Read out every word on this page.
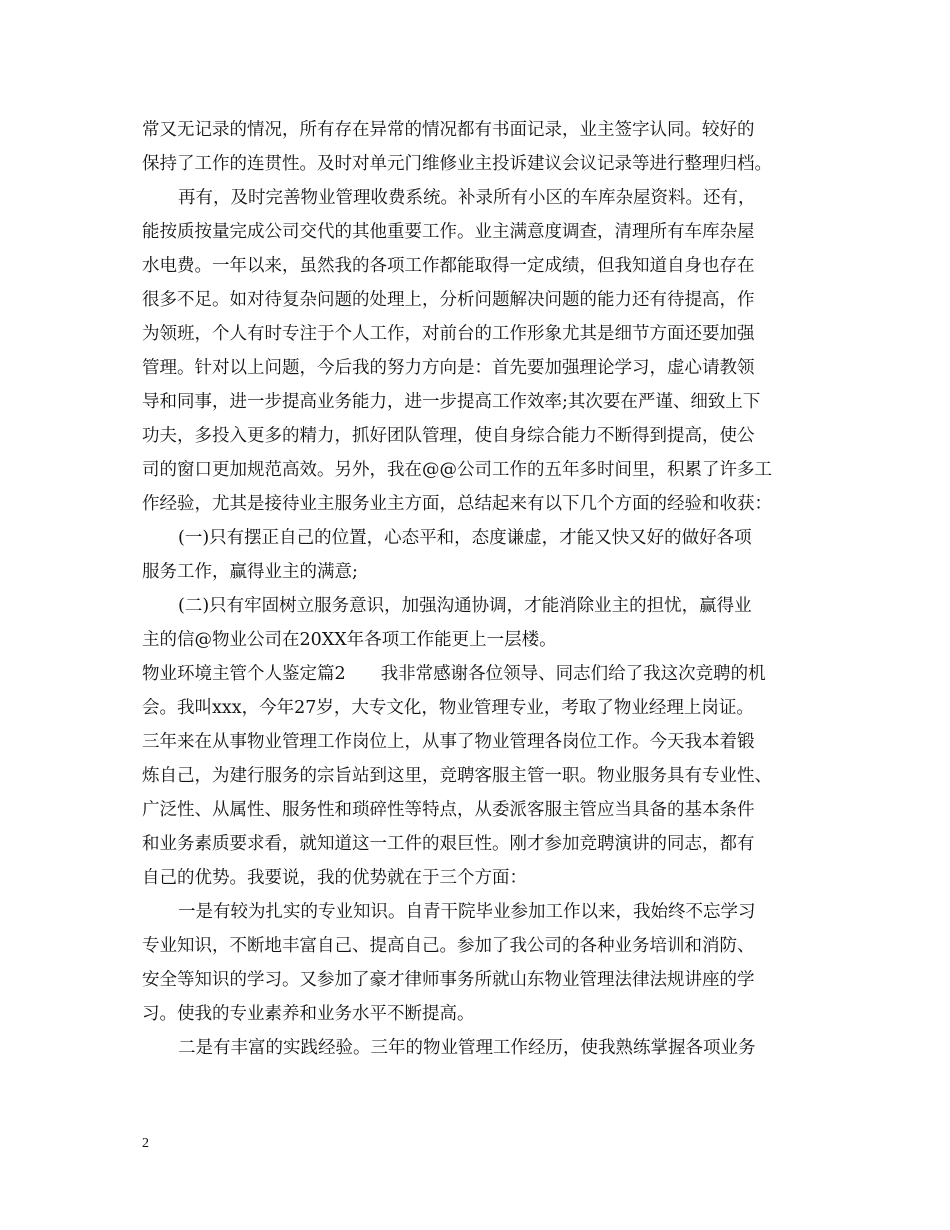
常又无记录的情况，所有存在异常的情况都有书面记录，业主签字认同。较好的
保持了工作的连贯性。及时对单元门维修业主投诉建议会议记录等进行整理归档。
再有，及时完善物业管理收费系统。补录所有小区的车库杂屋资料。还有，
能按质按量完成公司交代的其他重要工作。业主满意度调查，清理所有车库杂屋
水电费。一年以来，虽然我的各项工作都能取得一定成绩，但我知道自身也存在
很多不足。如对待复杂问题的处理上，分析问题解决问题的能力还有待提高，作
为领班，个人有时专注于个人工作，对前台的工作形象尤其是细节方面还要加强
管理。针对以上问题，今后我的努力方向是：首先要加强理论学习，虚心请教领
导和同事，进一步提高业务能力，进一步提高工作效率;其次要在严谨、细致上下
功夫，多投入更多的精力，抓好团队管理，使自身综合能力不断得到提高，使公
司的窗口更加规范高效。另外，我在@@公司工作的五年多时间里，积累了许多工
作经验，尤其是接待业主服务业主方面，总结起来有以下几个方面的经验和收获：
(一)只有摆正自己的位置，心态平和，态度谦虚，才能又快又好的做好各项
服务工作，赢得业主的满意;
(二)只有牢固树立服务意识，加强沟通协调，才能消除业主的担忧，赢得业
主的信@物业公司在20XX年各项工作能更上一层楼。
物业环境主管个人鉴定篇2　　我非常感谢各位领导、同志们给了我这次竞聘的机
会。我叫xxx，今年27岁，大专文化，物业管理专业，考取了物业经理上岗证。
三年来在从事物业管理工作岗位上，从事了物业管理各岗位工作。今天我本着锻
炼自己，为建行服务的宗旨站到这里，竞聘客服主管一职。物业服务具有专业性、
广泛性、从属性、服务性和琐碎性等特点，从委派客服主管应当具备的基本条件
和业务素质要求看，就知道这一工件的艰巨性。刚才参加竞聘演讲的同志，都有
自己的优势。我要说，我的优势就在于三个方面：
一是有较为扎实的专业知识。自青干院毕业参加工作以来，我始终不忘学习
专业知识，不断地丰富自己、提高自己。参加了我公司的各种业务培训和消防、
安全等知识的学习。又参加了豪才律师事务所就山东物业管理法律法规讲座的学
习。使我的专业素养和业务水平不断提高。
二是有丰富的实践经验。三年的物业管理工作经历，使我熟练掌握各项业务
2
